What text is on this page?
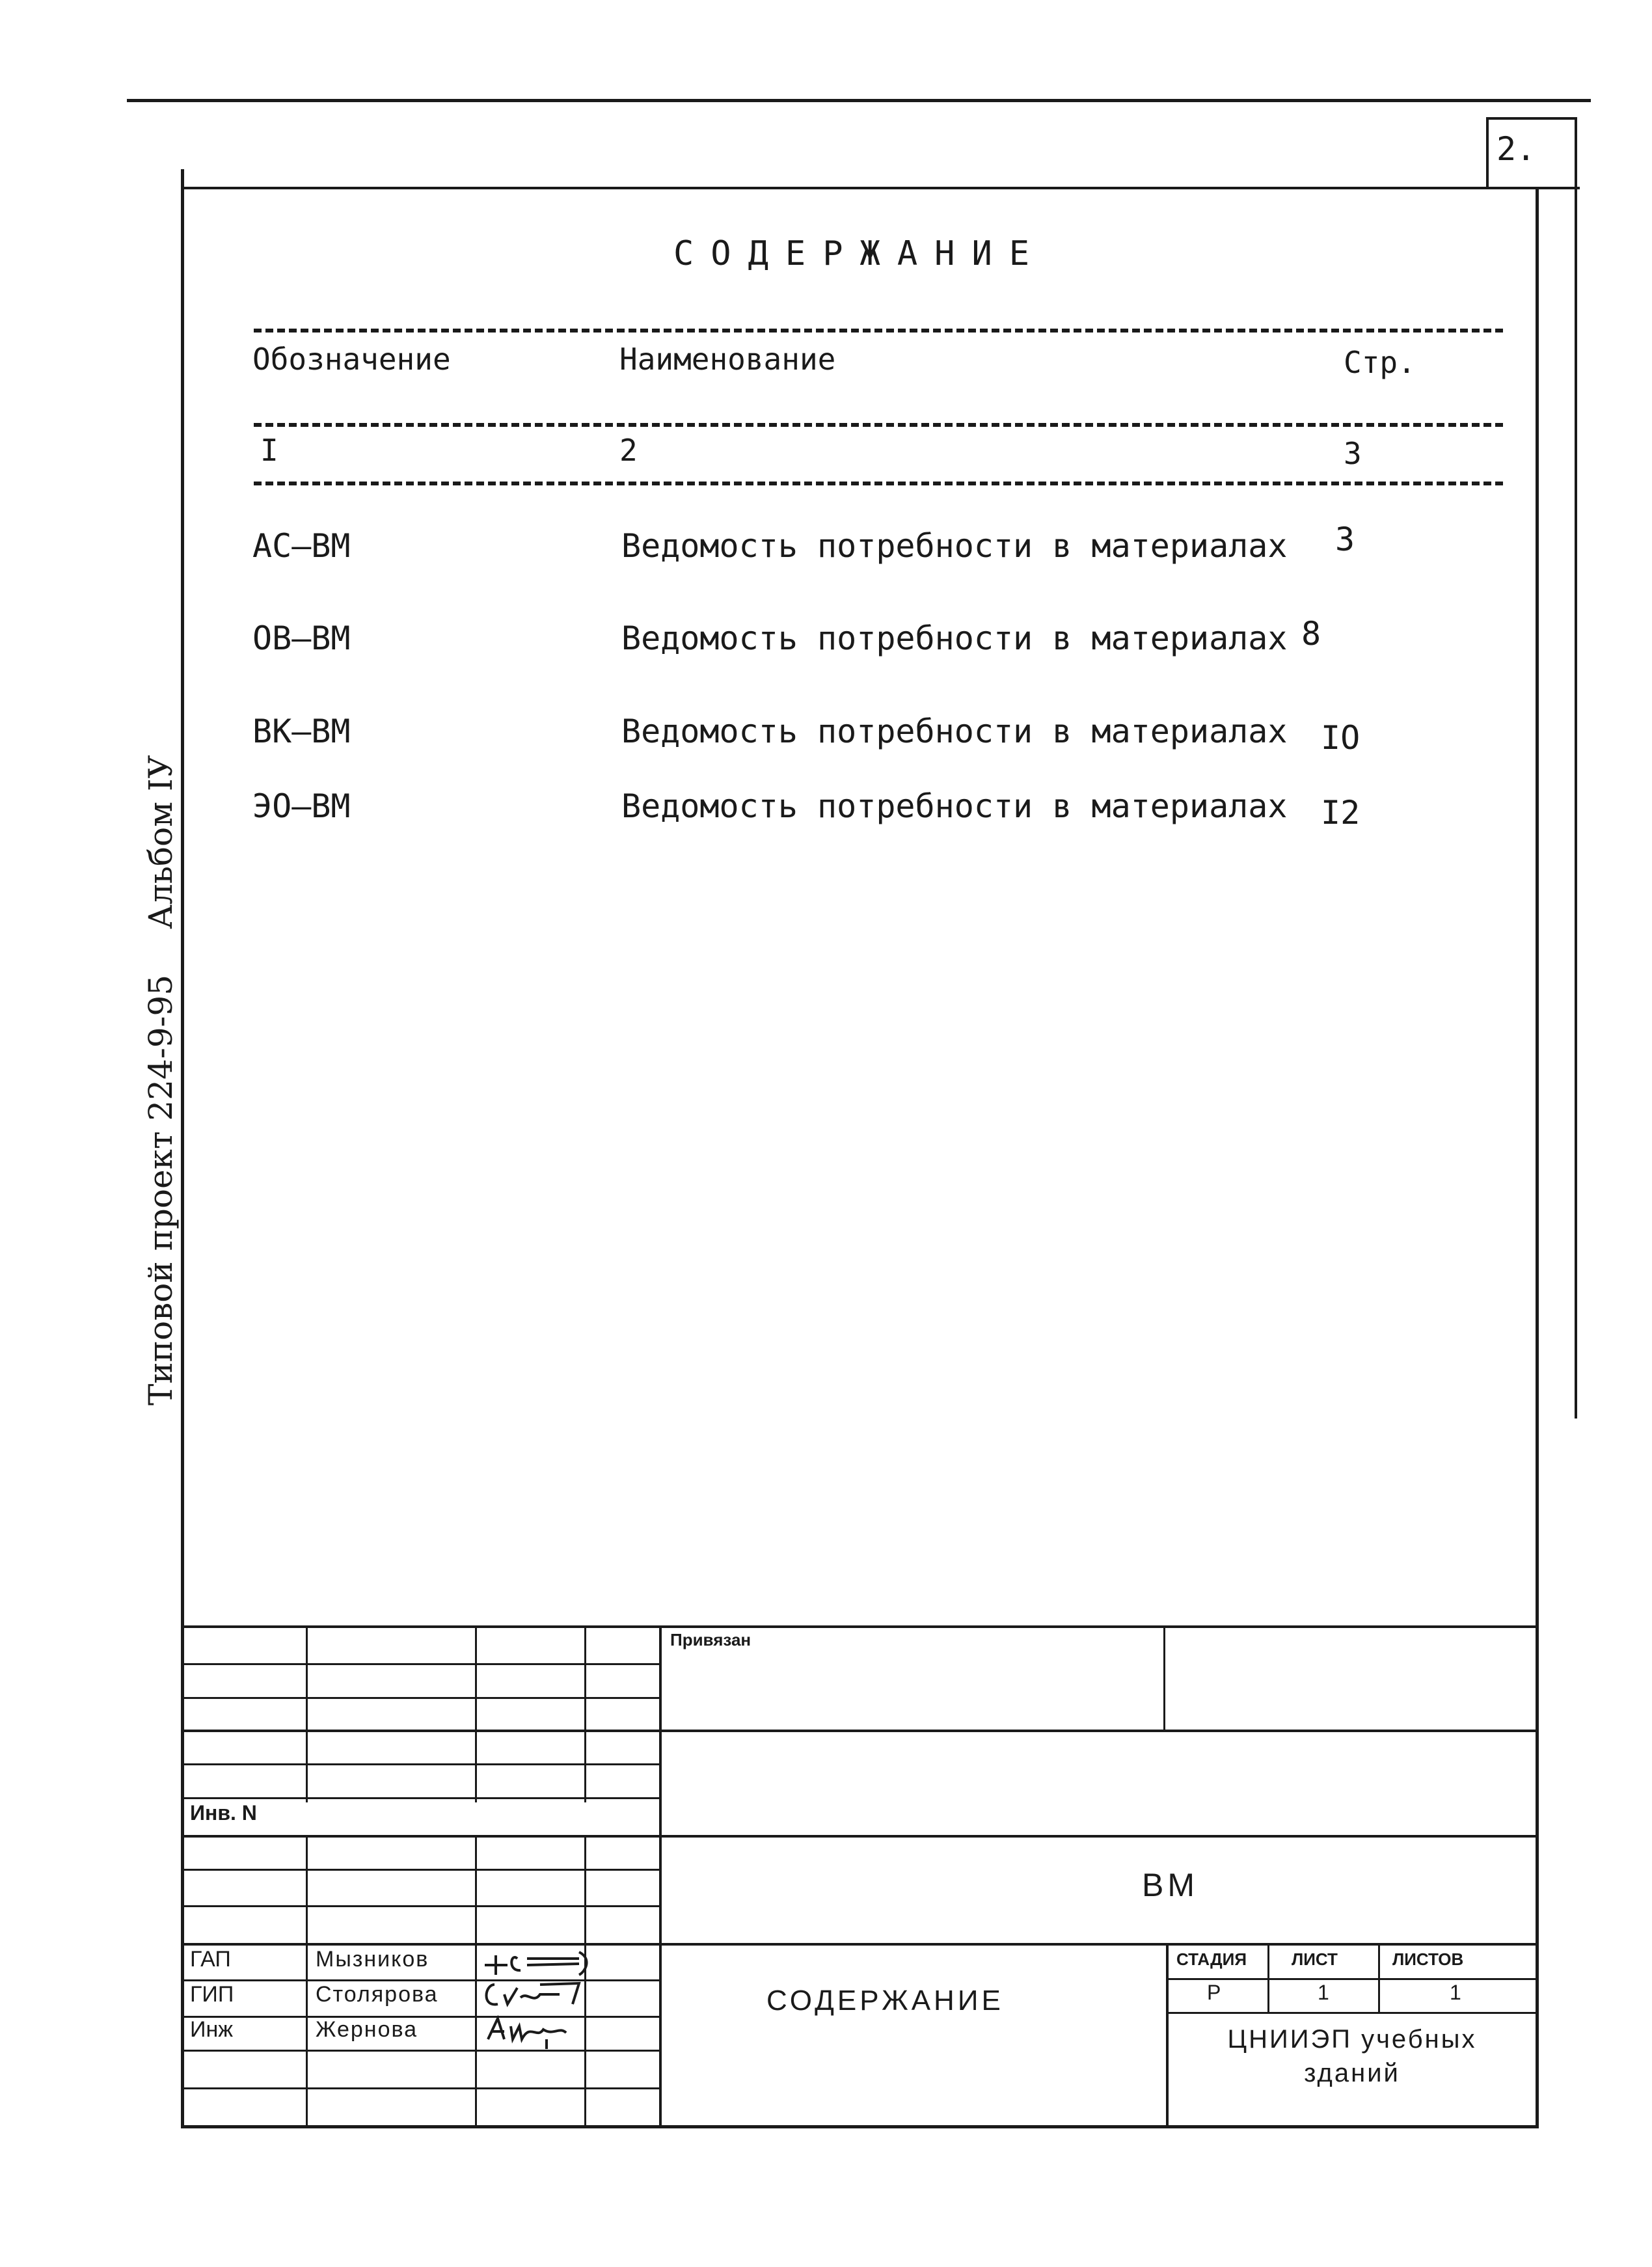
2.
Типовой проект 224-9-95Альбом IУ
СОДЕРЖАНИЕ
Обозначение	Наименование	Стр.
I	2	3
АС–ВМ	Ведомость потребности в материалах 3
ОВ–ВМ	Ведомость потребности в материалах 8
ВК–ВМ	Ведомость потребности в материалах IO
ЭО–ВМ	Ведомость потребности в материалах I2
Привязан
Инв. N
ВМ
СОДЕРЖАНИЕ
СТАДИЯ	ЛИСТ	ЛИСТОВ
Р	1	1
ЦНИИЭП учебных
зданий
ГАП	Мызников
ГИП	Столярова
Инж	Жернова
